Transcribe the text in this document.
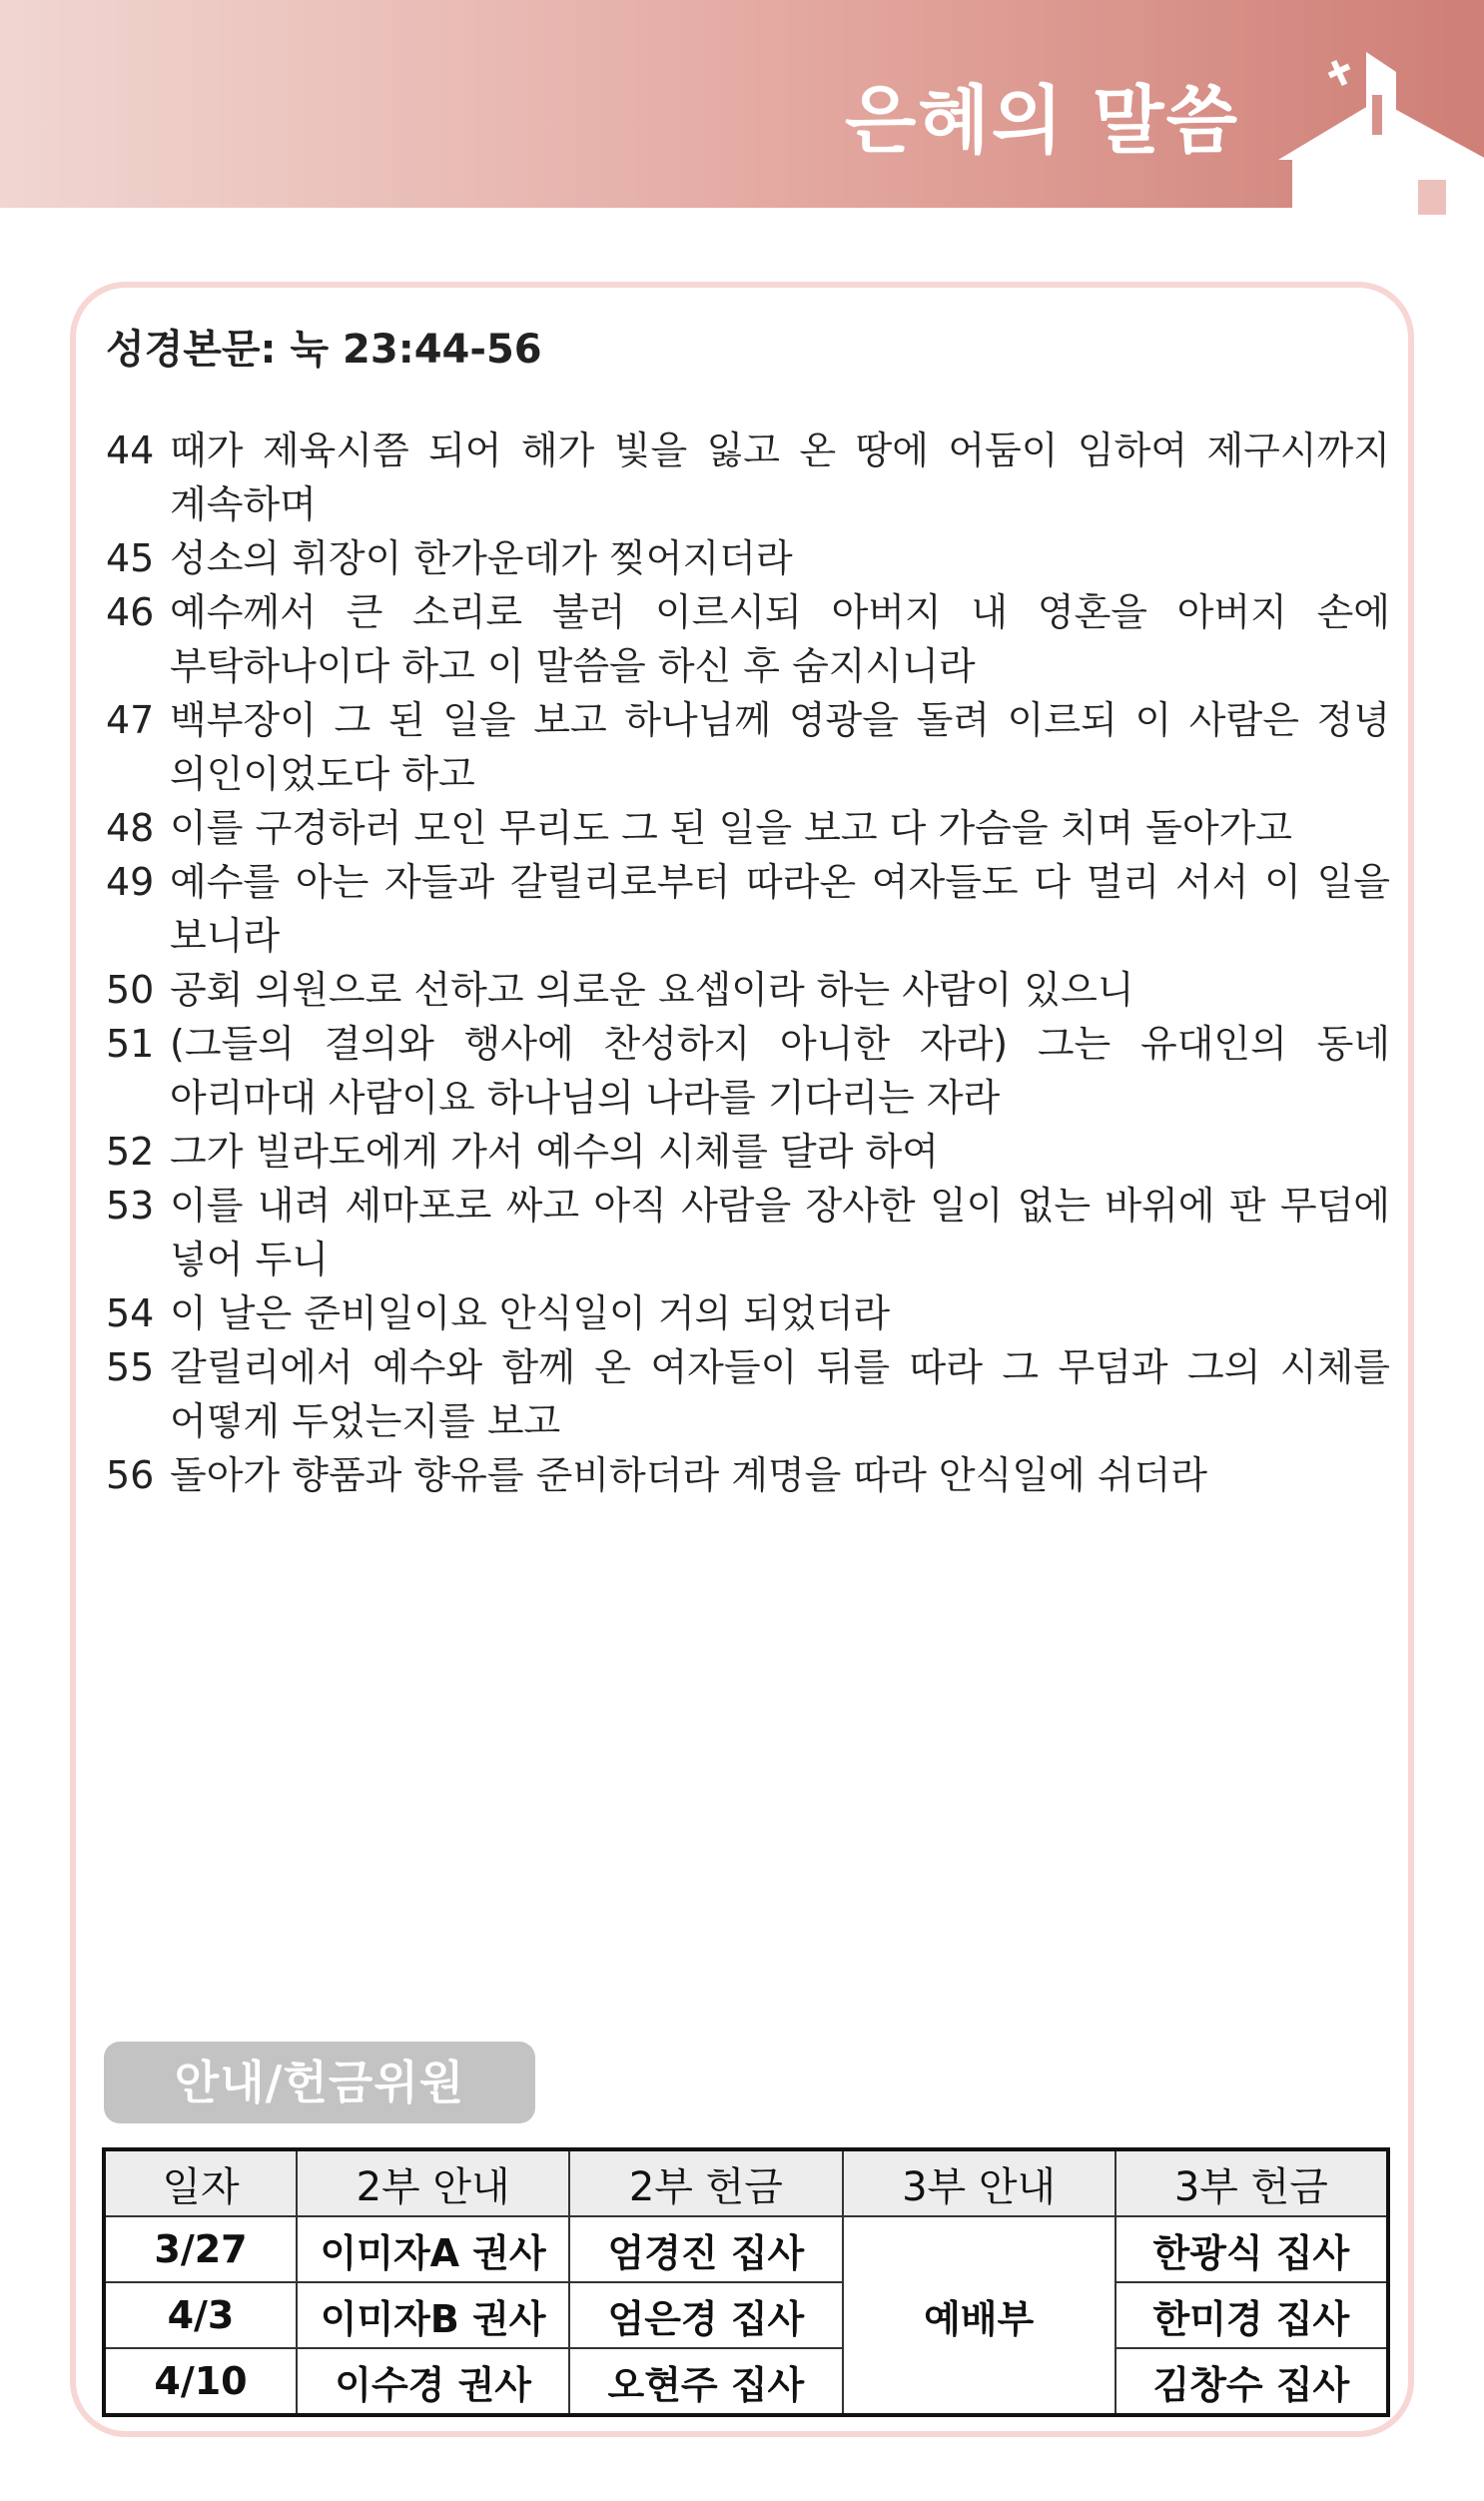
은혜의 말씀
성경본문: 눅 23:44-56
44 때가 제육시쯤 되어 해가 빛을 잃고 온 땅에 어둠이 임하여 제구시까지 계속하며
45 성소의 휘장이 한가운데가 찢어지더라
46 예수께서 큰 소리로 불러 이르시되 아버지 내 영혼을 아버지 손에 부탁하나이다 하고 이 말씀을 하신 후 숨지시니라
47 백부장이 그 된 일을 보고 하나님께 영광을 돌려 이르되 이 사람은 정녕 의인이었도다 하고
48 이를 구경하러 모인 무리도 그 된 일을 보고 다 가슴을 치며 돌아가고
49 예수를 아는 자들과 갈릴리로부터 따라온 여자들도 다 멀리 서서 이 일을 보니라
50 공회 의원으로 선하고 의로운 요셉이라 하는 사람이 있으니
51 (그들의 결의와 행사에 찬성하지 아니한 자라) 그는 유대인의 동네 아리마대 사람이요 하나님의 나라를 기다리는 자라
52 그가 빌라도에게 가서 예수의 시체를 달라 하여
53 이를 내려 세마포로 싸고 아직 사람을 장사한 일이 없는 바위에 판 무덤에 넣어 두니
54 이 날은 준비일이요 안식일이 거의 되었더라
55 갈릴리에서 예수와 함께 온 여자들이 뒤를 따라 그 무덤과 그의 시체를 어떻게 두었는지를 보고
56 돌아가 향품과 향유를 준비하더라 계명을 따라 안식일에 쉬더라
안내/헌금위원
일자	2부 안내	2부 헌금	3부 안내	3부 헌금
3/27	이미자A 권사	엄경진 집사	예배부	한광식 집사
4/3	이미자B 권사	엄은경 집사		한미경 집사
4/10	이수경 권사	오현주 집사		김창수 집사
